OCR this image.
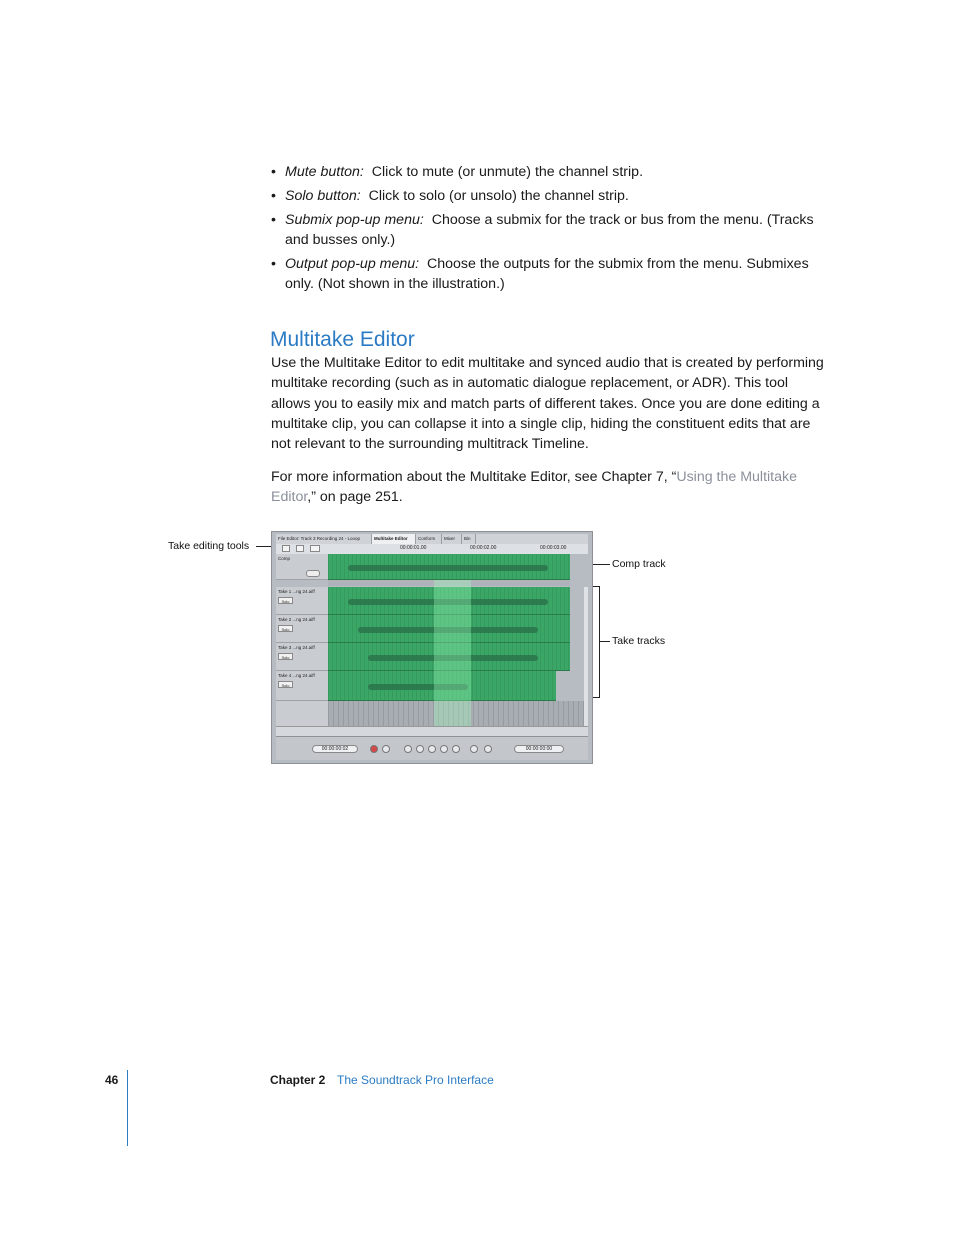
• Mute button: Click to mute (or unmute) the channel strip.
• Solo button: Click to solo (or unsolo) the channel strip.
• Submix pop-up menu: Choose a submix for the track or bus from the menu. (Tracks and busses only.)
• Output pop-up menu: Choose the outputs for the submix from the menu. Submixes only. (Not shown in the illustration.)
Multitake Editor

Use the Multitake Editor to edit multitake and synced audio that is created by performing multitake recording (such as in automatic dialogue replacement, or ADR). This tool allows you to easily mix and match parts of different takes. Once you are done editing a multitake clip, you can collapse it into a single clip, hiding the constituent edits that are not relevant to the surrounding multitrack Timeline.

For more information about the Multitake Editor, see Chapter 7, “Using the Multitake Editor,” on page 251.

Take editing tools
Comp track
Take tracks
File Editor: Track 3 Recording 24 - Looop	Multitake Editor	Conform	Mixer	Bin
00:00:01.00	00:00:02.00	00:00:03.00
Comp
Take 1 ...ng 24.aiff
Solo
Take 2 ...ng 24.aiff
Solo
Take 3 ...ng 24.aiff
Solo
Take 4 ...ng 24.aiff
Solo
00:00:00:02	00:00:00:00
46	Chapter 2 The Soundtrack Pro Interface
